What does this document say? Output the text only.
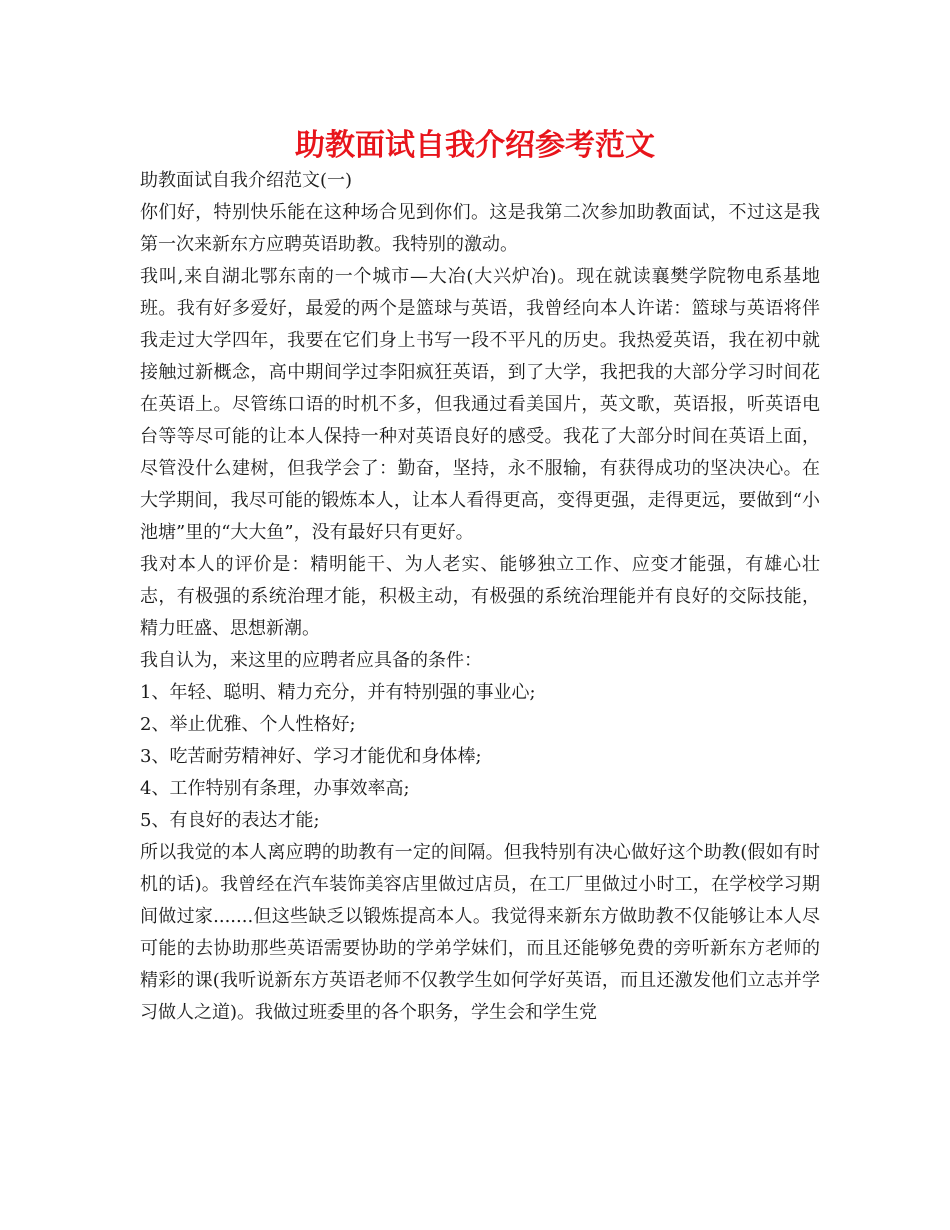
助教面试自我介绍参考范文

助教面试自我介绍范文(一)

你们好，特别快乐能在这种场合见到你们。这是我第二次参加助教面试，不过这是我第一次来新东方应聘英语助教。我特别的激动。

我叫,来自湖北鄂东南的一个城市—大冶(大兴炉冶)。现在就读襄樊学院物电系基地班。我有好多爱好，最爱的两个是篮球与英语，我曾经向本人许诺：篮球与英语将伴我走过大学四年，我要在它们身上书写一段不平凡的历史。我热爱英语，我在初中就接触过新概念，高中期间学过李阳疯狂英语，到了大学，我把我的大部分学习时间花在英语上。尽管练口语的时机不多，但我通过看美国片，英文歌，英语报，听英语电台等等尽可能的让本人保持一种对英语良好的感受。我花了大部分时间在英语上面，尽管没什么建树，但我学会了：勤奋，坚持，永不服输，有获得成功的坚决决心。在大学期间，我尽可能的锻炼本人，让本人看得更高，变得更强，走得更远，要做到“小池塘”里的“大大鱼”，没有最好只有更好。

我对本人的评价是：精明能干、为人老实、能够独立工作、应变才能强，有雄心壮志，有极强的系统治理才能，积极主动，有极强的系统治理能并有良好的交际技能，精力旺盛、思想新潮。

我自认为，来这里的应聘者应具备的条件：

1、年轻、聪明、精力充分，并有特别强的事业心;

2、举止优雅、个人性格好;

3、吃苦耐劳精神好、学习才能优和身体棒;

4、工作特别有条理，办事效率高;

5、有良好的表达才能;

所以我觉的本人离应聘的助教有一定的间隔。但我特别有决心做好这个助教(假如有时机的话)。我曾经在汽车装饰美容店里做过店员，在工厂里做过小时工，在学校学习期间做过家.......但这些缺乏以锻炼提高本人。我觉得来新东方做助教不仅能够让本人尽可能的去协助那些英语需要协助的学弟学妹们，而且还能够免费的旁听新东方老师的精彩的课(我听说新东方英语老师不仅教学生如何学好英语，而且还激发他们立志并学习做人之道)。我做过班委里的各个职务，学生会和学生党
